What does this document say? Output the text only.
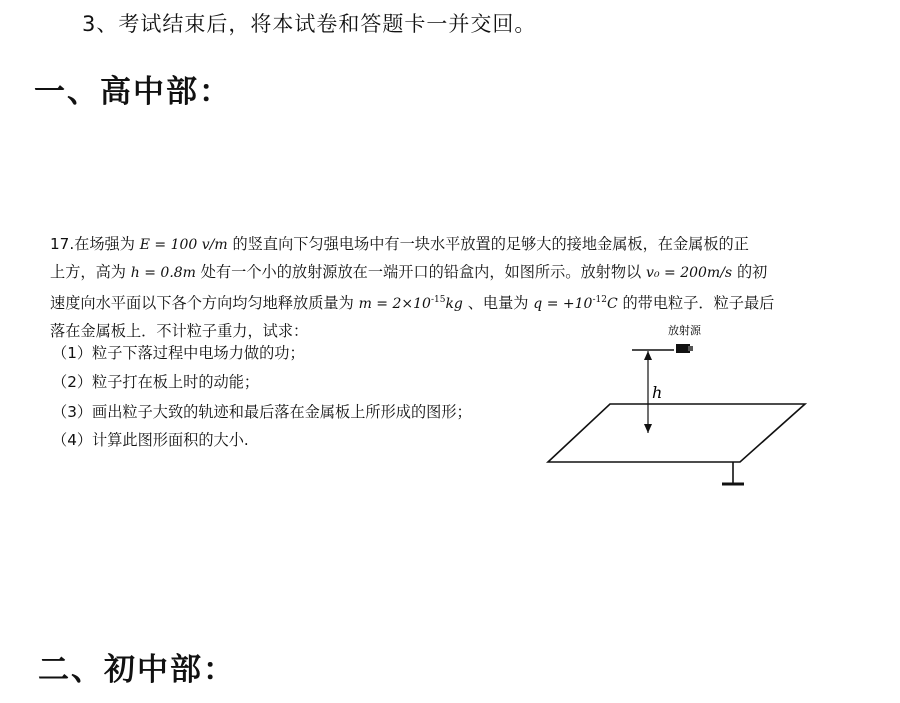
3、考试结束后，将本试卷和答题卡一并交回。
一、高中部：
17.在场强为 E = 100 v/m 的竖直向下匀强电场中有一块水平放置的足够大的接地金属板，在金属板的正
上方，高为 h = 0.8m 处有一个小的放射源放在一端开口的铅盒内，如图所示。放射物以 v₀ = 200m/s 的初
速度向水平面以下各个方向均匀地释放质量为 $m = 2\times 10^{-15}kg$ 、电量为 $q = +10^{-12}C$ 的带电粒子．粒子最后
落在金属板上．不计粒子重力，试求：
（1）粒子下落过程中电场力做的功；
（2）粒子打在板上时的动能；
（3）画出粒子大致的轨迹和最后落在金属板上所形成的图形；
（4）计算此图形面积的大小.
放射源
h
二、初中部：
